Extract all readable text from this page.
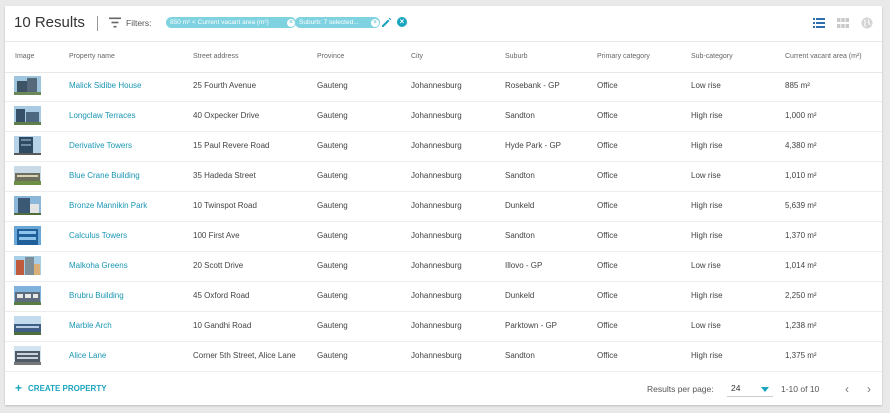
10 Results	Filters:	850 m² < Current vacant area (m²)	× Suburb: 7 selected... ×	×
Image	Property name	Street address	Province	City	Suburb	Primary category	Sub-category	Current vacant area (m²)
Malick Sidibe House	25 Fourth Avenue	Gauteng	Johannesburg	Rosebank - GP	Office	Low rise	885 m²
Longclaw Terraces	40 Oxpecker Drive	Gauteng	Johannesburg	Sandton	Office	High rise	1,000 m²
Derivative Towers	15 Paul Revere Road	Gauteng	Johannesburg	Hyde Park - GP	Office	High rise	4,380 m²
Blue Crane Building	35 Hadeda Street	Gauteng	Johannesburg	Sandton	Office	Low rise	1,010 m²
Bronze Mannikin Park	10 Twinspot Road	Gauteng	Johannesburg	Dunkeld	Office	High rise	5,639 m²
Calculus Towers	100 First Ave	Gauteng	Johannesburg	Sandton	Office	High rise	1,370 m²
Malkoha Greens	20 Scott Drive	Gauteng	Johannesburg	Illovo - GP	Office	Low rise	1,014 m²
Brubru Building	45 Oxford Road	Gauteng	Johannesburg	Dunkeld	Office	High rise	2,250 m²
Marble Arch	10 Gandhi Road	Gauteng	Johannesburg	Parktown - GP	Office	Low rise	1,238 m²
Alice Lane	Corner 5th Street, Alice Lane	Gauteng	Johannesburg	Sandton	Office	High rise	1,375 m²
+ CREATE PROPERTY	Results per page: 24	1-10 of 10	‹	›
